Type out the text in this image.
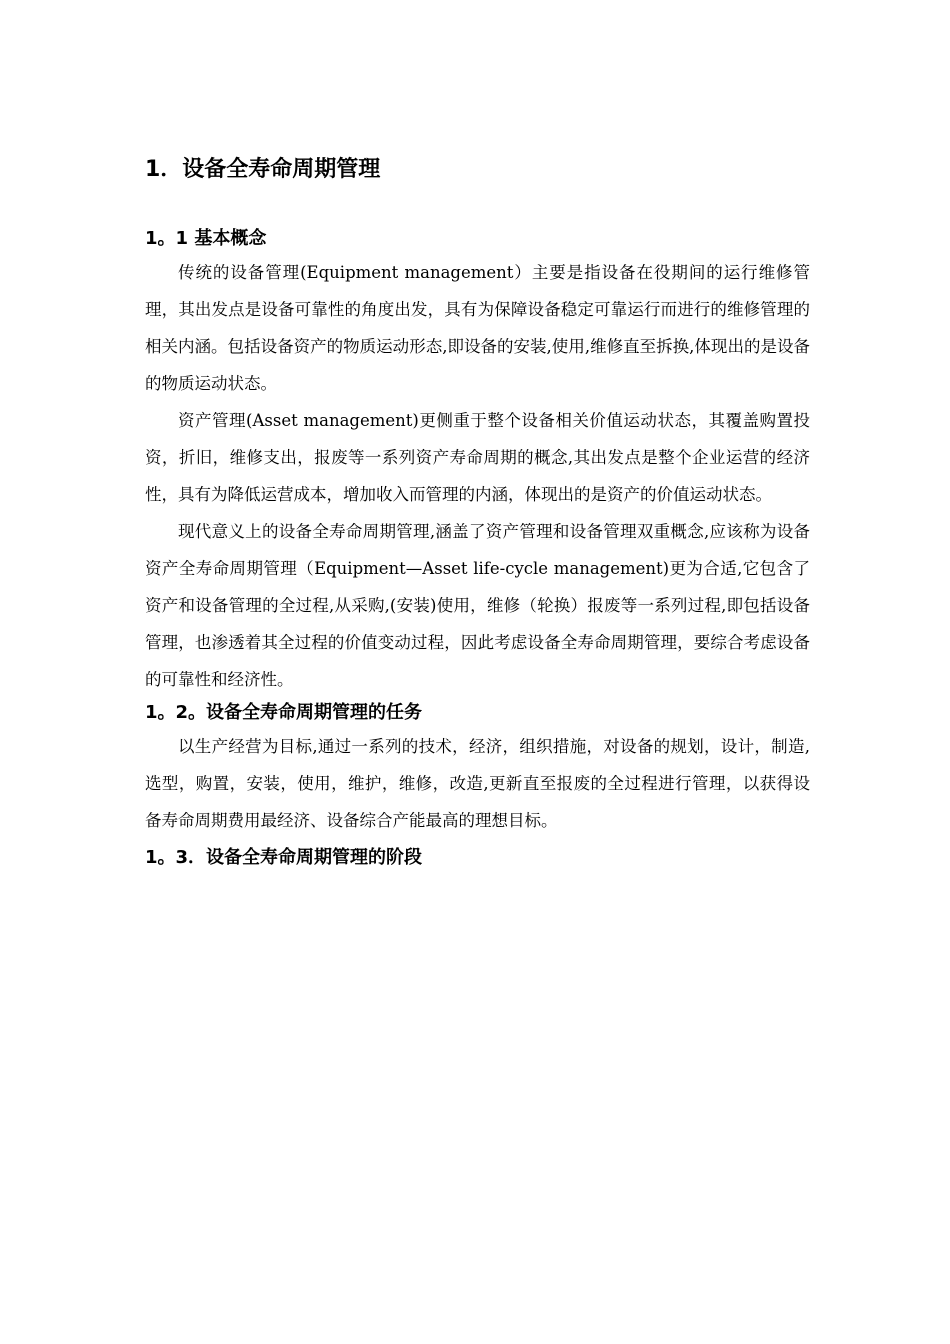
1．设备全寿命周期管理
1。1 基本概念

传统的设备管理(Equipment management）主要是指设备在役期间的运行维修管理，其出发点是设备可靠性的角度出发，具有为保障设备稳定可靠运行而进行的维修管理的相关内涵。包括设备资产的物质运动形态,即设备的安装,使用,维修直至拆换,体现出的是设备的物质运动状态。

资产管理(Asset management)更侧重于整个设备相关价值运动状态，其覆盖购置投资，折旧，维修支出，报废等一系列资产寿命周期的概念,其出发点是整个企业运营的经济性，具有为降低运营成本，增加收入而管理的内涵，体现出的是资产的价值运动状态。

现代意义上的设备全寿命周期管理,涵盖了资产管理和设备管理双重概念,应该称为设备资产全寿命周期管理（Equipment—Asset life-cycle management)更为合适,它包含了资产和设备管理的全过程,从采购,(安装)使用，维修（轮换）报废等一系列过程,即包括设备管理，也渗透着其全过程的价值变动过程，因此考虑设备全寿命周期管理，要综合考虑设备的可靠性和经济性。

1。2。设备全寿命周期管理的任务

以生产经营为目标,通过一系列的技术，经济，组织措施，对设备的规划，设计，制造,选型，购置，安装，使用，维护，维修，改造,更新直至报废的全过程进行管理，以获得设备寿命周期费用最经济、设备综合产能最高的理想目标。

1。3．设备全寿命周期管理的阶段
